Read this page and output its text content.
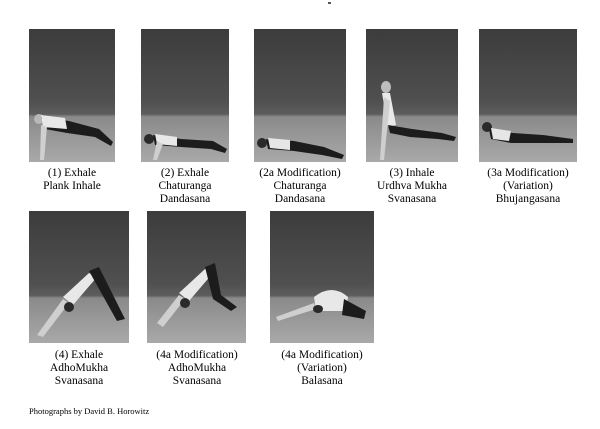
(1) Exhale
Plank Inhale
(2) Exhale
Chaturanga
Dandasana
(2a Modification)
Chaturanga
Dandasana
(3) Inhale
Urdhva Mukha
Svanasana
(3a Modification)
(Variation)
Bhujangasana
(4) Exhale
AdhoMukha
Svanasana
(4a Modification)
AdhoMukha
Svanasana
(4a Modification)
(Variation)
Balasana
Photographs by David B. Horowitz
